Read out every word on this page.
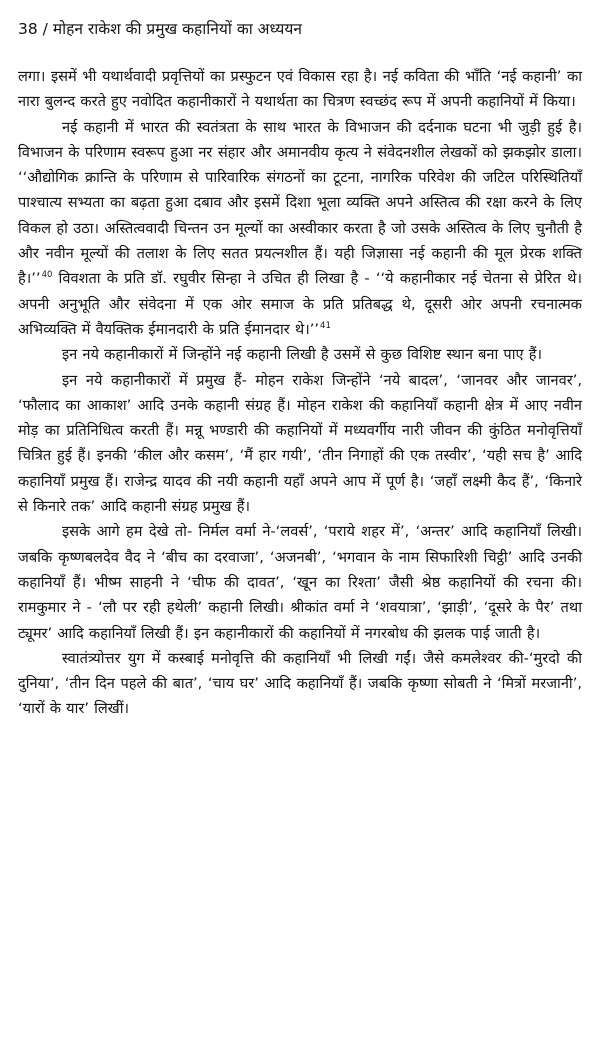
38 / मोहन राकेश की प्रमुख कहानियों का अध्ययन

लगा। इसमें भी यथार्थवादी प्रवृत्तियों का प्रस्फुटन एवं विकास रहा है। नई कविता की भाँति ‘नई कहानी’ का नारा बुलन्द करते हुए नवोदित कहानीकारों ने यथार्थता का चित्रण स्वच्छंद रूप में अपनी कहानियों में किया।

नई कहानी में भारत की स्वतंत्रता के साथ भारत के विभाजन की दर्दनाक घटना भी जुड़ी हुई है। विभाजन के परिणाम स्वरूप हुआ नर संहार और अमानवीय कृत्य ने संवेदनशील लेखकों को झकझोर डाला। ‘‘औद्योगिक क्रान्ति के परिणाम से पारिवारिक संगठनों का टूटना, नागरिक परिवेश की जटिल परिस्थितियाँ पाश्चात्य सभ्यता का बढ़ता हुआ दबाव और इसमें दिशा भूला व्यक्ति अपने अस्तित्व की रक्षा करने के लिए विकल हो उठा। अस्तित्ववादी चिन्तन उन मूल्यों का अस्वीकार करता है जो उसके अस्तित्व के लिए चुनौती है और नवीन मूल्यों की तलाश के लिए सतत प्रयत्नशील हैं। यही जिज्ञासा नई कहानी की मूल प्रेरक शक्ति है।’’$^{40}$ विवशता के प्रति डॉ. रघुवीर सिन्हा ने उचित ही लिखा है - ‘‘ये कहानीकार नई चेतना से प्रेरित थे। अपनी अनुभूति और संवेदना में एक ओर समाज के प्रति प्रतिबद्ध थे, दूसरी ओर अपनी रचनात्मक अभिव्यक्ति में वैयक्तिक ईमानदारी के प्रति ईमानदार थे।’’$^{41}$

इन नये कहानीकारों में जिन्होंने नई कहानी लिखी है उसमें से कुछ विशिष्ट स्थान बना पाए हैं।

इन नये कहानीकारों में प्रमुख हैं- मोहन राकेश जिन्होंने ‘नये बादल’, ‘जानवर और जानवर’, ‘फौलाद का आकाश’ आदि उनके कहानी संग्रह हैं। मोहन राकेश की कहानियाँ कहानी क्षेत्र में आए नवीन मोड़ का प्रतिनिधित्व करती हैं। मन्नू भण्डारी की कहानियों में मध्यवर्गीय नारी जीवन की कुंठित मनोवृत्तियाँ चित्रित हुई हैं। इनकी ‘कील और कसम’, ‘मैं हार गयी’, ‘तीन निगाहों की एक तस्वीर’, ‘यही सच है’ आदि कहानियाँ प्रमुख हैं। राजेन्द्र यादव की नयी कहानी यहाँ अपने आप में पूर्ण है। ‘जहाँ लक्ष्मी कैद हैं’, ‘किनारे से किनारे तक’ आदि कहानी संग्रह प्रमुख हैं।

इसके आगे हम देखे तो- निर्मल वर्मा ने-‘लवर्स’, ‘पराये शहर में’, ‘अन्तर’ आदि कहानियाँ लिखी। जबकि कृष्णबलदेव वैद ने ‘बीच का दरवाजा’, ‘अजनबी’, ‘भगवान के नाम सिफारिशी चिट्ठी’ आदि उनकी कहानियाँ हैं। भीष्म साहनी ने ‘चीफ की दावत’, ‘खून का रिश्ता’ जैसी श्रेष्ठ कहानियों की रचना की। रामकुमार ने - ‘लौ पर रही हथेली’ कहानी लिखी। श्रीकांत वर्मा ने ‘शवयात्रा’, ‘झाड़ी’, ‘दूसरे के पैर’ तथा ट्यूमर’ आदि कहानियाँ लिखी हैं। इन कहानीकारों की कहानियों में नगरबोध की झलक पाई जाती है।

स्वातंत्र्योत्तर युग में कस्बाई मनोवृत्ति की कहानियाँ भी लिखी गईं। जैसे कमलेश्वर की-‘मुरदो की दुनिया’, ‘तीन दिन पहले की बात’, ‘चाय घर’ आदि कहानियाँ हैं। जबकि कृष्णा सोबती ने ‘मित्रों मरजानी’, ‘यारों के यार’ लिखीं।
